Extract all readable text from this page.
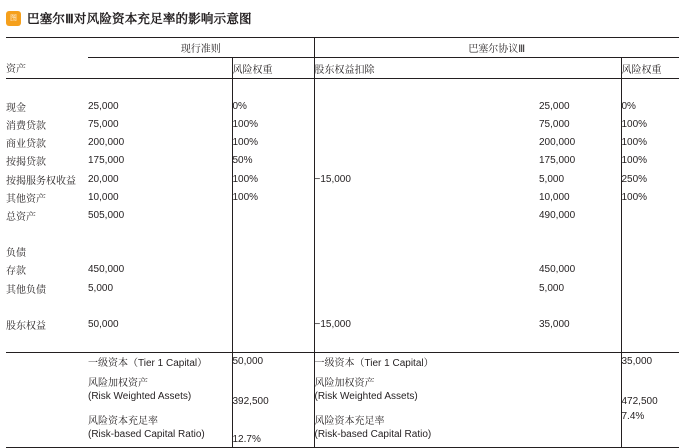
图 巴塞尔Ⅲ对风险资本充足率的影响示意图
	现行准则		巴塞尔协议Ⅲ			
资产		风险权重	股东权益扣除			风险权重

现金	25,000	0%			25,000	0%
消费贷款	75,000	100%			75,000	100%
商业贷款	200,000	100%			200,000	100%
按揭贷款	175,000	50%			175,000	100%
按揭服务权收益	20,000	100%	−15,000		5,000	250%
其他资产	10,000	100%			10,000	100%
总资产	505,000				490,000	

负债						
存款	450,000				450,000	
其他负债	5,000				5,000	

股东权益	50,000		−15,000		35,000	

	一级资本（Tier 1 Capital）	50,000	一级资本（Tier 1 Capital）			35,000

风险加权资产
(Risk Weighted Assets)	392,500	
风险加权资产
(Risk Weighted Assets)	472,500

风险资本充足率
(Risk-based Capital Ratio)	12.7%	
风险资本充足率
(Risk-based Capital Ratio)
	7.4%
